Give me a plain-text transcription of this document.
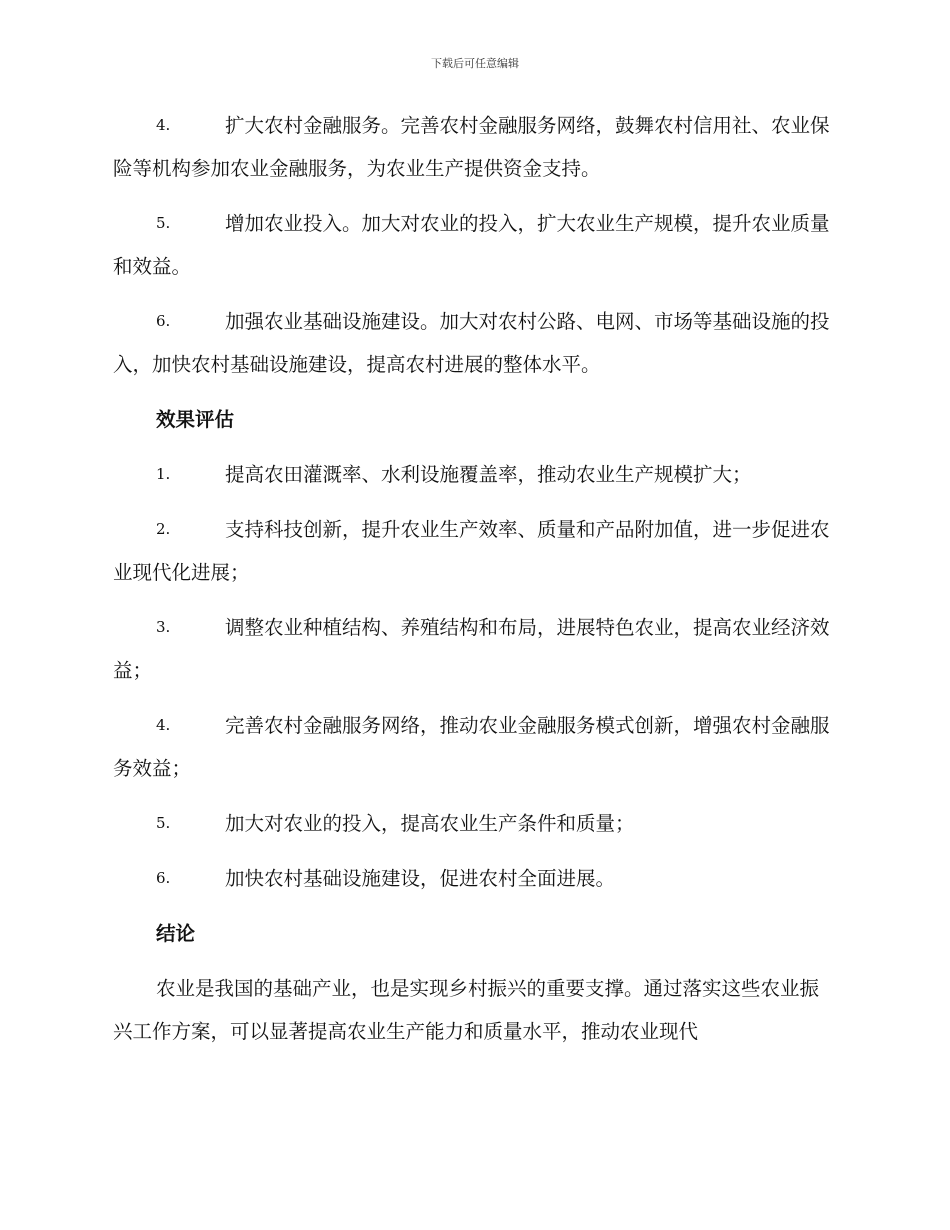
下载后可任意编辑
4.	扩大农村金融服务。完善农村金融服务网络，鼓舞农村信用社、农业保险等机构参加农业金融服务，为农业生产提供资金支持。
5.	增加农业投入。加大对农业的投入，扩大农业生产规模，提升农业质量和效益。
6.	加强农业基础设施建设。加大对农村公路、电网、市场等基础设施的投入，加快农村基础设施建设，提高农村进展的整体水平。
效果评估
1.	提高农田灌溉率、水利设施覆盖率，推动农业生产规模扩大；
2.	支持科技创新，提升农业生产效率、质量和产品附加值，进一步促进农业现代化进展；
3.	调整农业种植结构、养殖结构和布局，进展特色农业，提高农业经济效益；
4.	完善农村金融服务网络，推动农业金融服务模式创新，增强农村金融服务效益；
5.	加大对农业的投入，提高农业生产条件和质量；
6.	加快农村基础设施建设，促进农村全面进展。
结论
农业是我国的基础产业，也是实现乡村振兴的重要支撑。通过落实这些农业振兴工作方案，可以显著提高农业生产能力和质量水平，推动农业现代
